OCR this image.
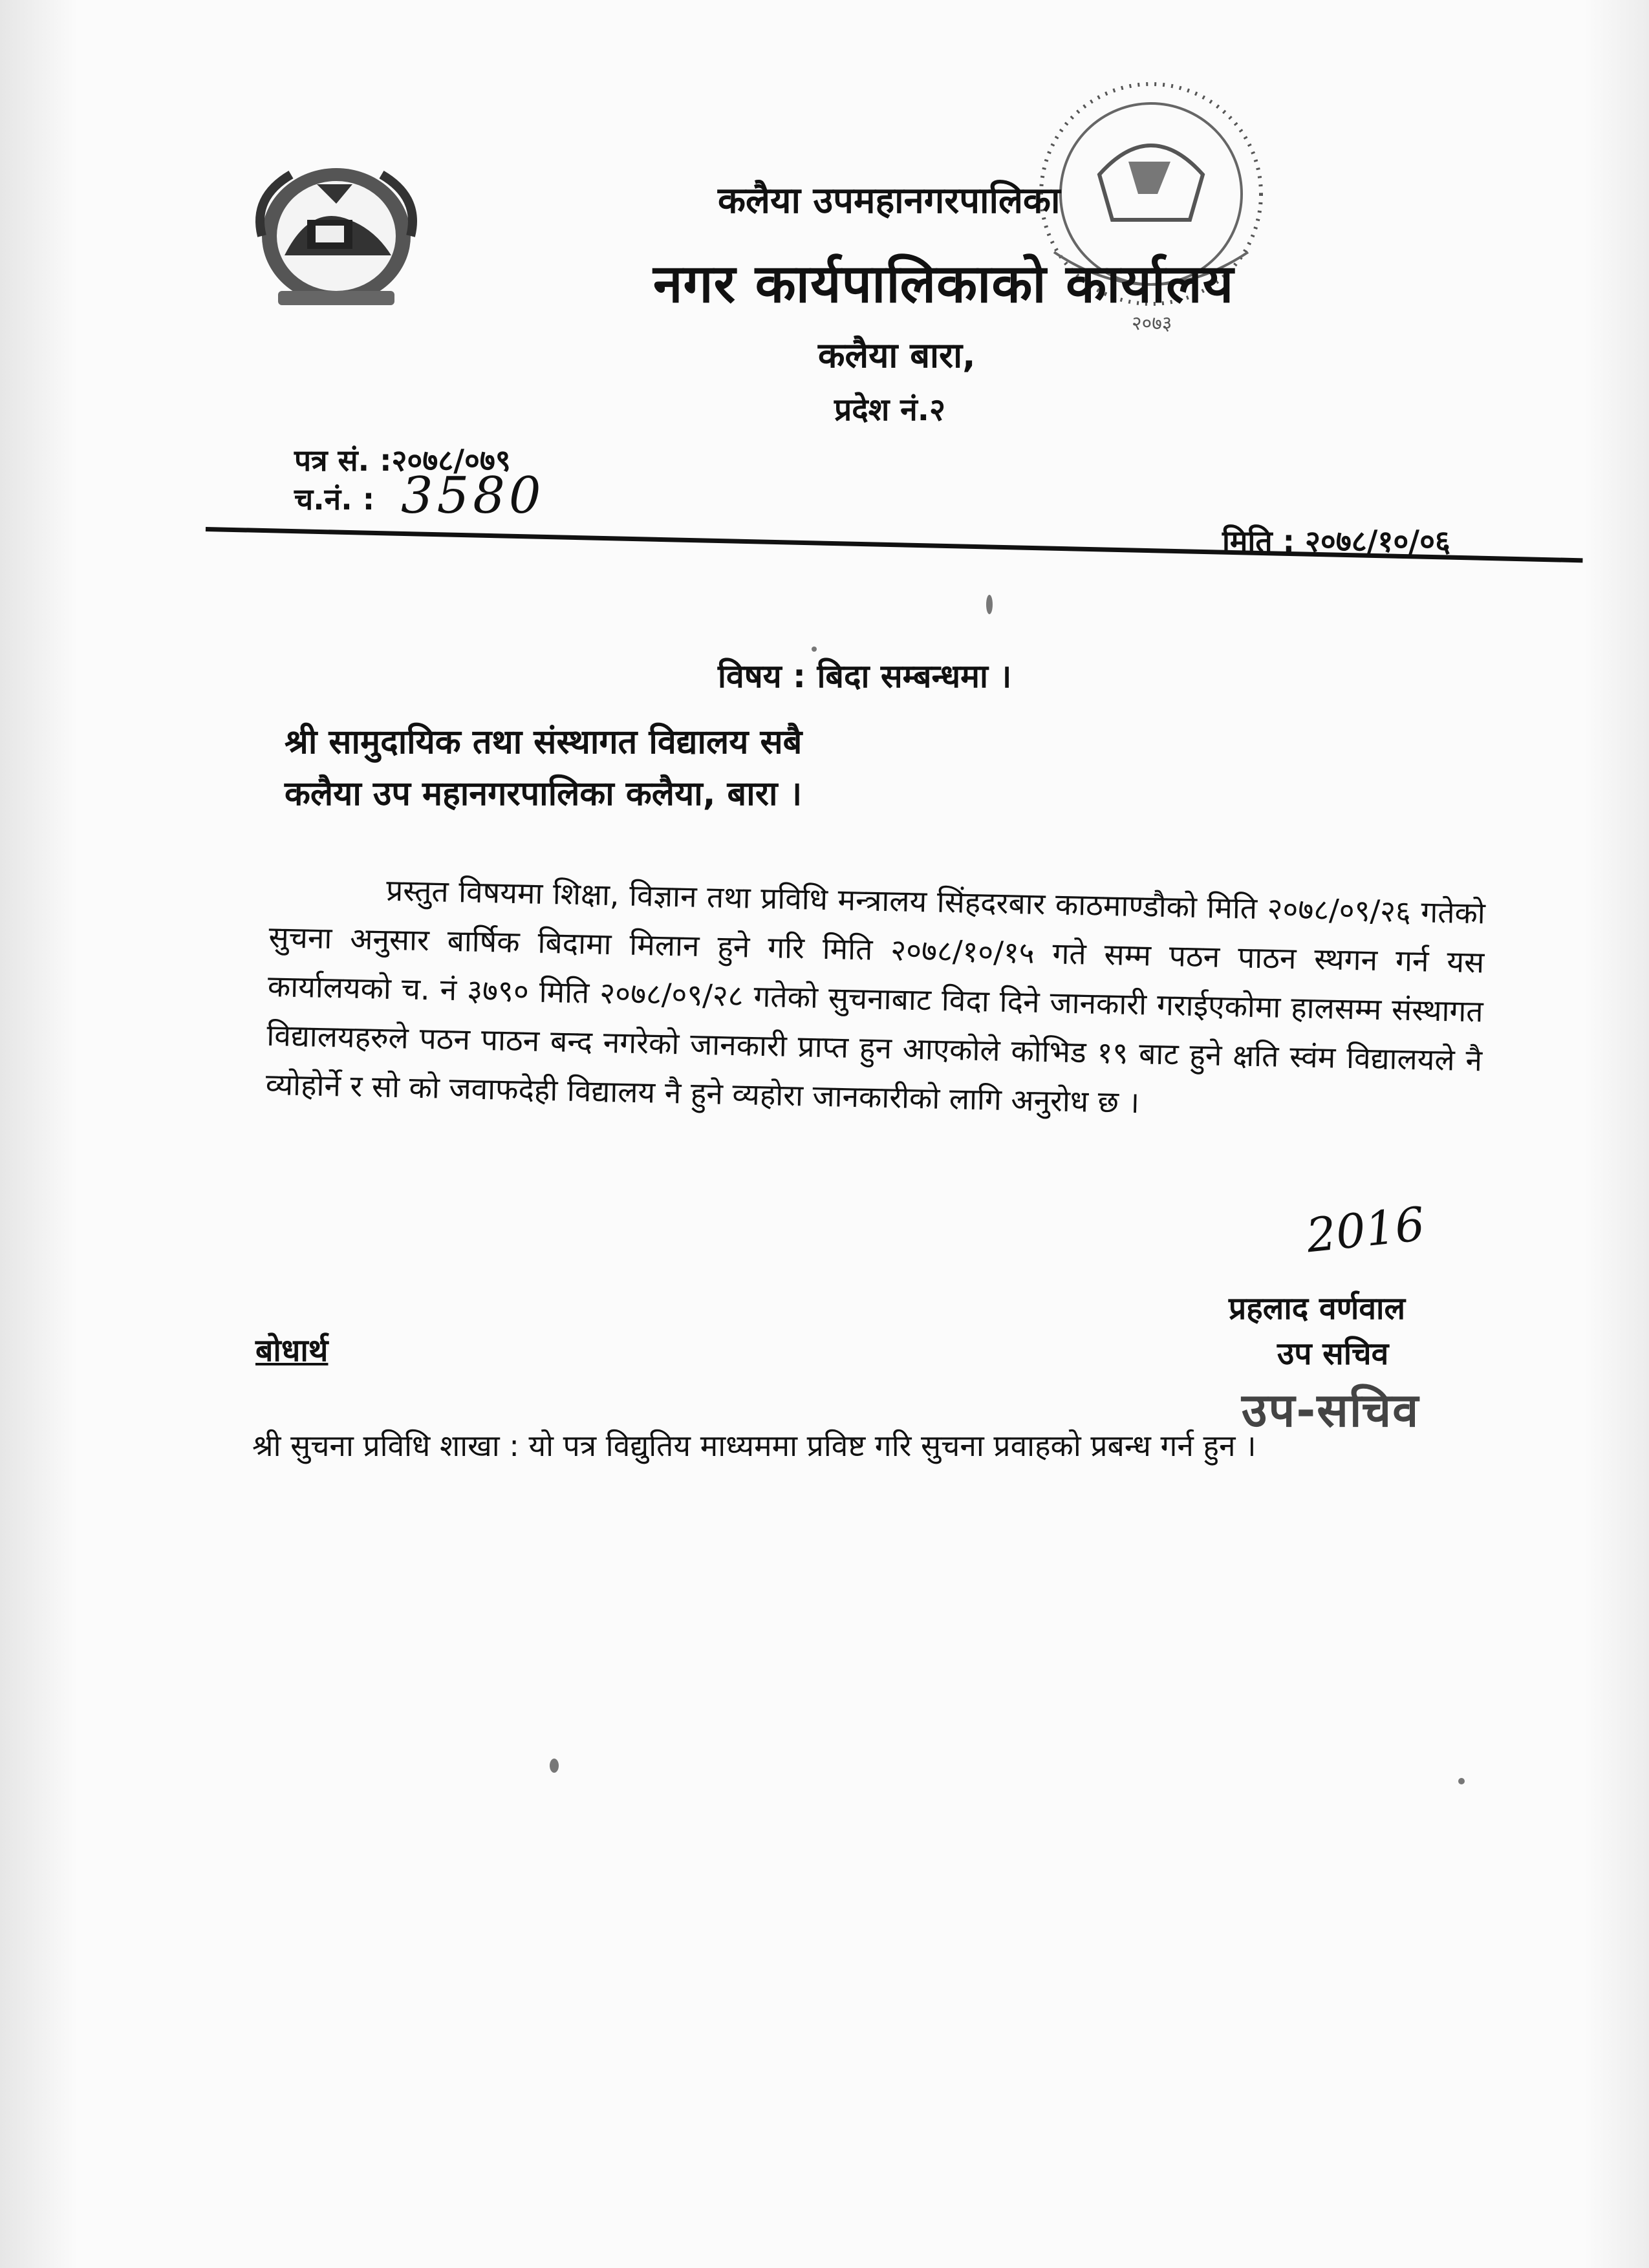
२०७३
कलैया उपमहानगरपालिका
नगर कार्यपालिकाको कार्यालय
कलैया बारा,
प्रदेश नं.२
पत्र सं. :२०७८/०७९
च.नं. : 3580
मिति : २०७८/१०/०६
विषय : बिदा सम्बन्धमा ।
श्री सामुदायिक तथा संस्थागत विद्यालय सबै
कलैया उप महानगरपालिका कलैया, बारा ।
प्रस्तुत विषयमा शिक्षा, विज्ञान तथा प्रविधि मन्त्रालय सिंहदरबार काठमाण्डौको मिति २०७८/०९/२६ गतेको सुचना अनुसार बार्षिक बिदामा मिलान हुने गरि मिति २०७८/१०/१५ गते सम्म पठन पाठन स्थगन गर्न यस कार्यालयको च. नं ३७९० मिति २०७८/०९/२८ गतेको सुचनाबाट विदा दिने जानकारी गराईएकोमा हालसम्म संस्थागत विद्यालयहरुले पठन पाठन बन्द नगरेको जानकारी प्राप्त हुन आएकोले कोभिड १९ बाट हुने क्षति स्वंम विद्यालयले नै व्योहोर्ने र सो को जवाफदेही विद्यालय नै हुने व्यहोरा जानकारीको लागि अनुरोध छ ।
2016
प्रहलाद वर्णवाल
उप सचिव
उप-सचिव
बोधार्थ
श्री सुचना प्रविधि शाखा : यो पत्र विद्युतिय माध्यममा प्रविष्ट गरि सुचना प्रवाहको प्रबन्ध गर्न हुन ।
